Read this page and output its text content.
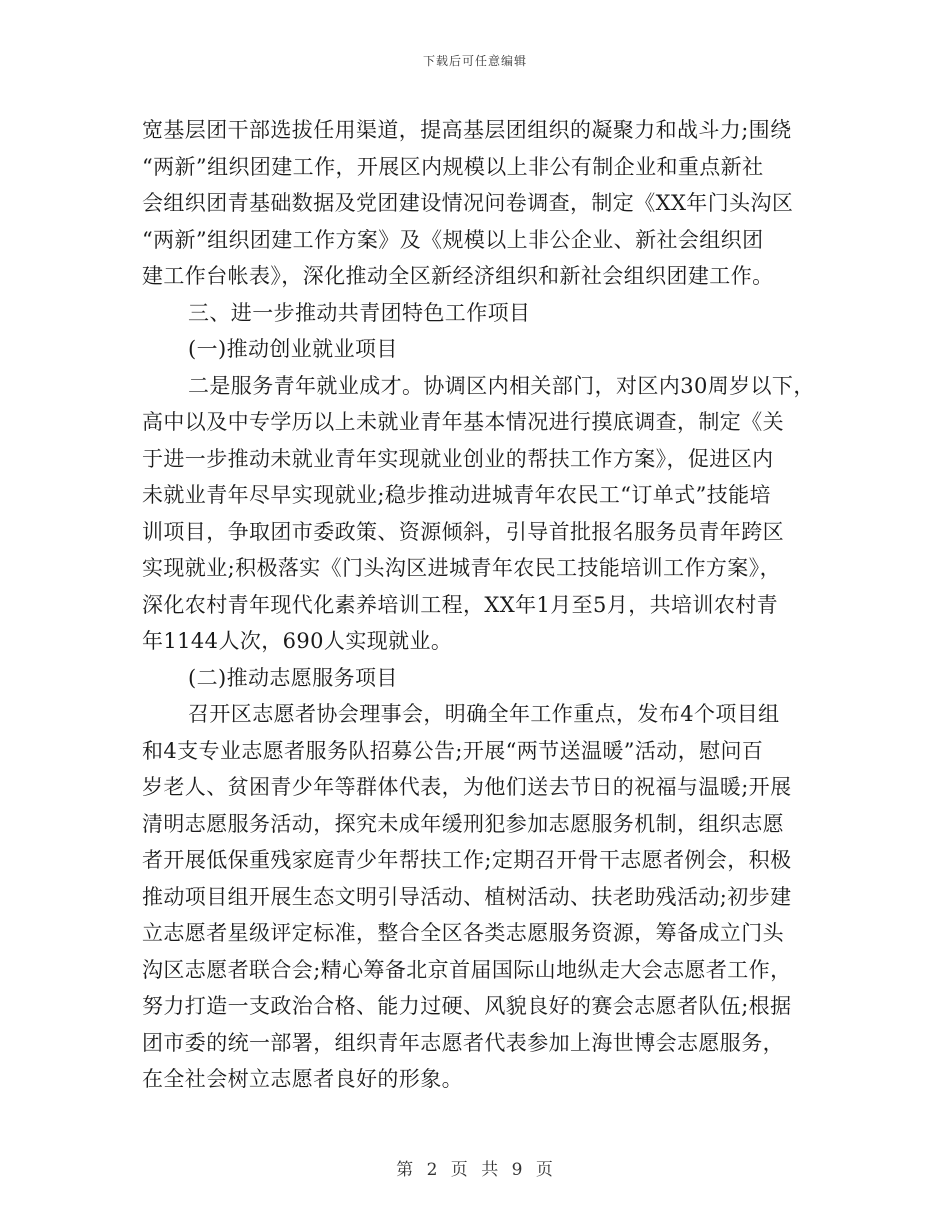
下载后可任意编辑
宽基层团干部选拔任用渠道，提高基层团组织的凝聚力和战斗力;围绕
“两新”组织团建工作，开展区内规模以上非公有制企业和重点新社
会组织团青基础数据及党团建设情况问卷调查，制定《XX年门头沟区
“两新”组织团建工作方案》及《规模以上非公企业、新社会组织团
建工作台帐表》，深化推动全区新经济组织和新社会组织团建工作。
三、进一步推动共青团特色工作项目
(一)推动创业就业项目
二是服务青年就业成才。协调区内相关部门，对区内30周岁以下，
高中以及中专学历以上未就业青年基本情况进行摸底调查，制定《关
于进一步推动未就业青年实现就业创业的帮扶工作方案》，促进区内
未就业青年尽早实现就业;稳步推动进城青年农民工“订单式”技能培
训项目，争取团市委政策、资源倾斜，引导首批报名服务员青年跨区
实现就业;积极落实《门头沟区进城青年农民工技能培训工作方案》，
深化农村青年现代化素养培训工程，XX年1月至5月，共培训农村青
年1144人次，690人实现就业。
(二)推动志愿服务项目
召开区志愿者协会理事会，明确全年工作重点，发布4个项目组
和4支专业志愿者服务队招募公告;开展“两节送温暖”活动，慰问百
岁老人、贫困青少年等群体代表，为他们送去节日的祝福与温暖;开展
清明志愿服务活动，探究未成年缓刑犯参加志愿服务机制，组织志愿
者开展低保重残家庭青少年帮扶工作;定期召开骨干志愿者例会，积极
推动项目组开展生态文明引导活动、植树活动、扶老助残活动;初步建
立志愿者星级评定标准，整合全区各类志愿服务资源，筹备成立门头
沟区志愿者联合会;精心筹备北京首届国际山地纵走大会志愿者工作，
努力打造一支政治合格、能力过硬、风貌良好的赛会志愿者队伍;根据
团市委的统一部署，组织青年志愿者代表参加上海世博会志愿服务，
在全社会树立志愿者良好的形象。
第 2 页 共 9 页
